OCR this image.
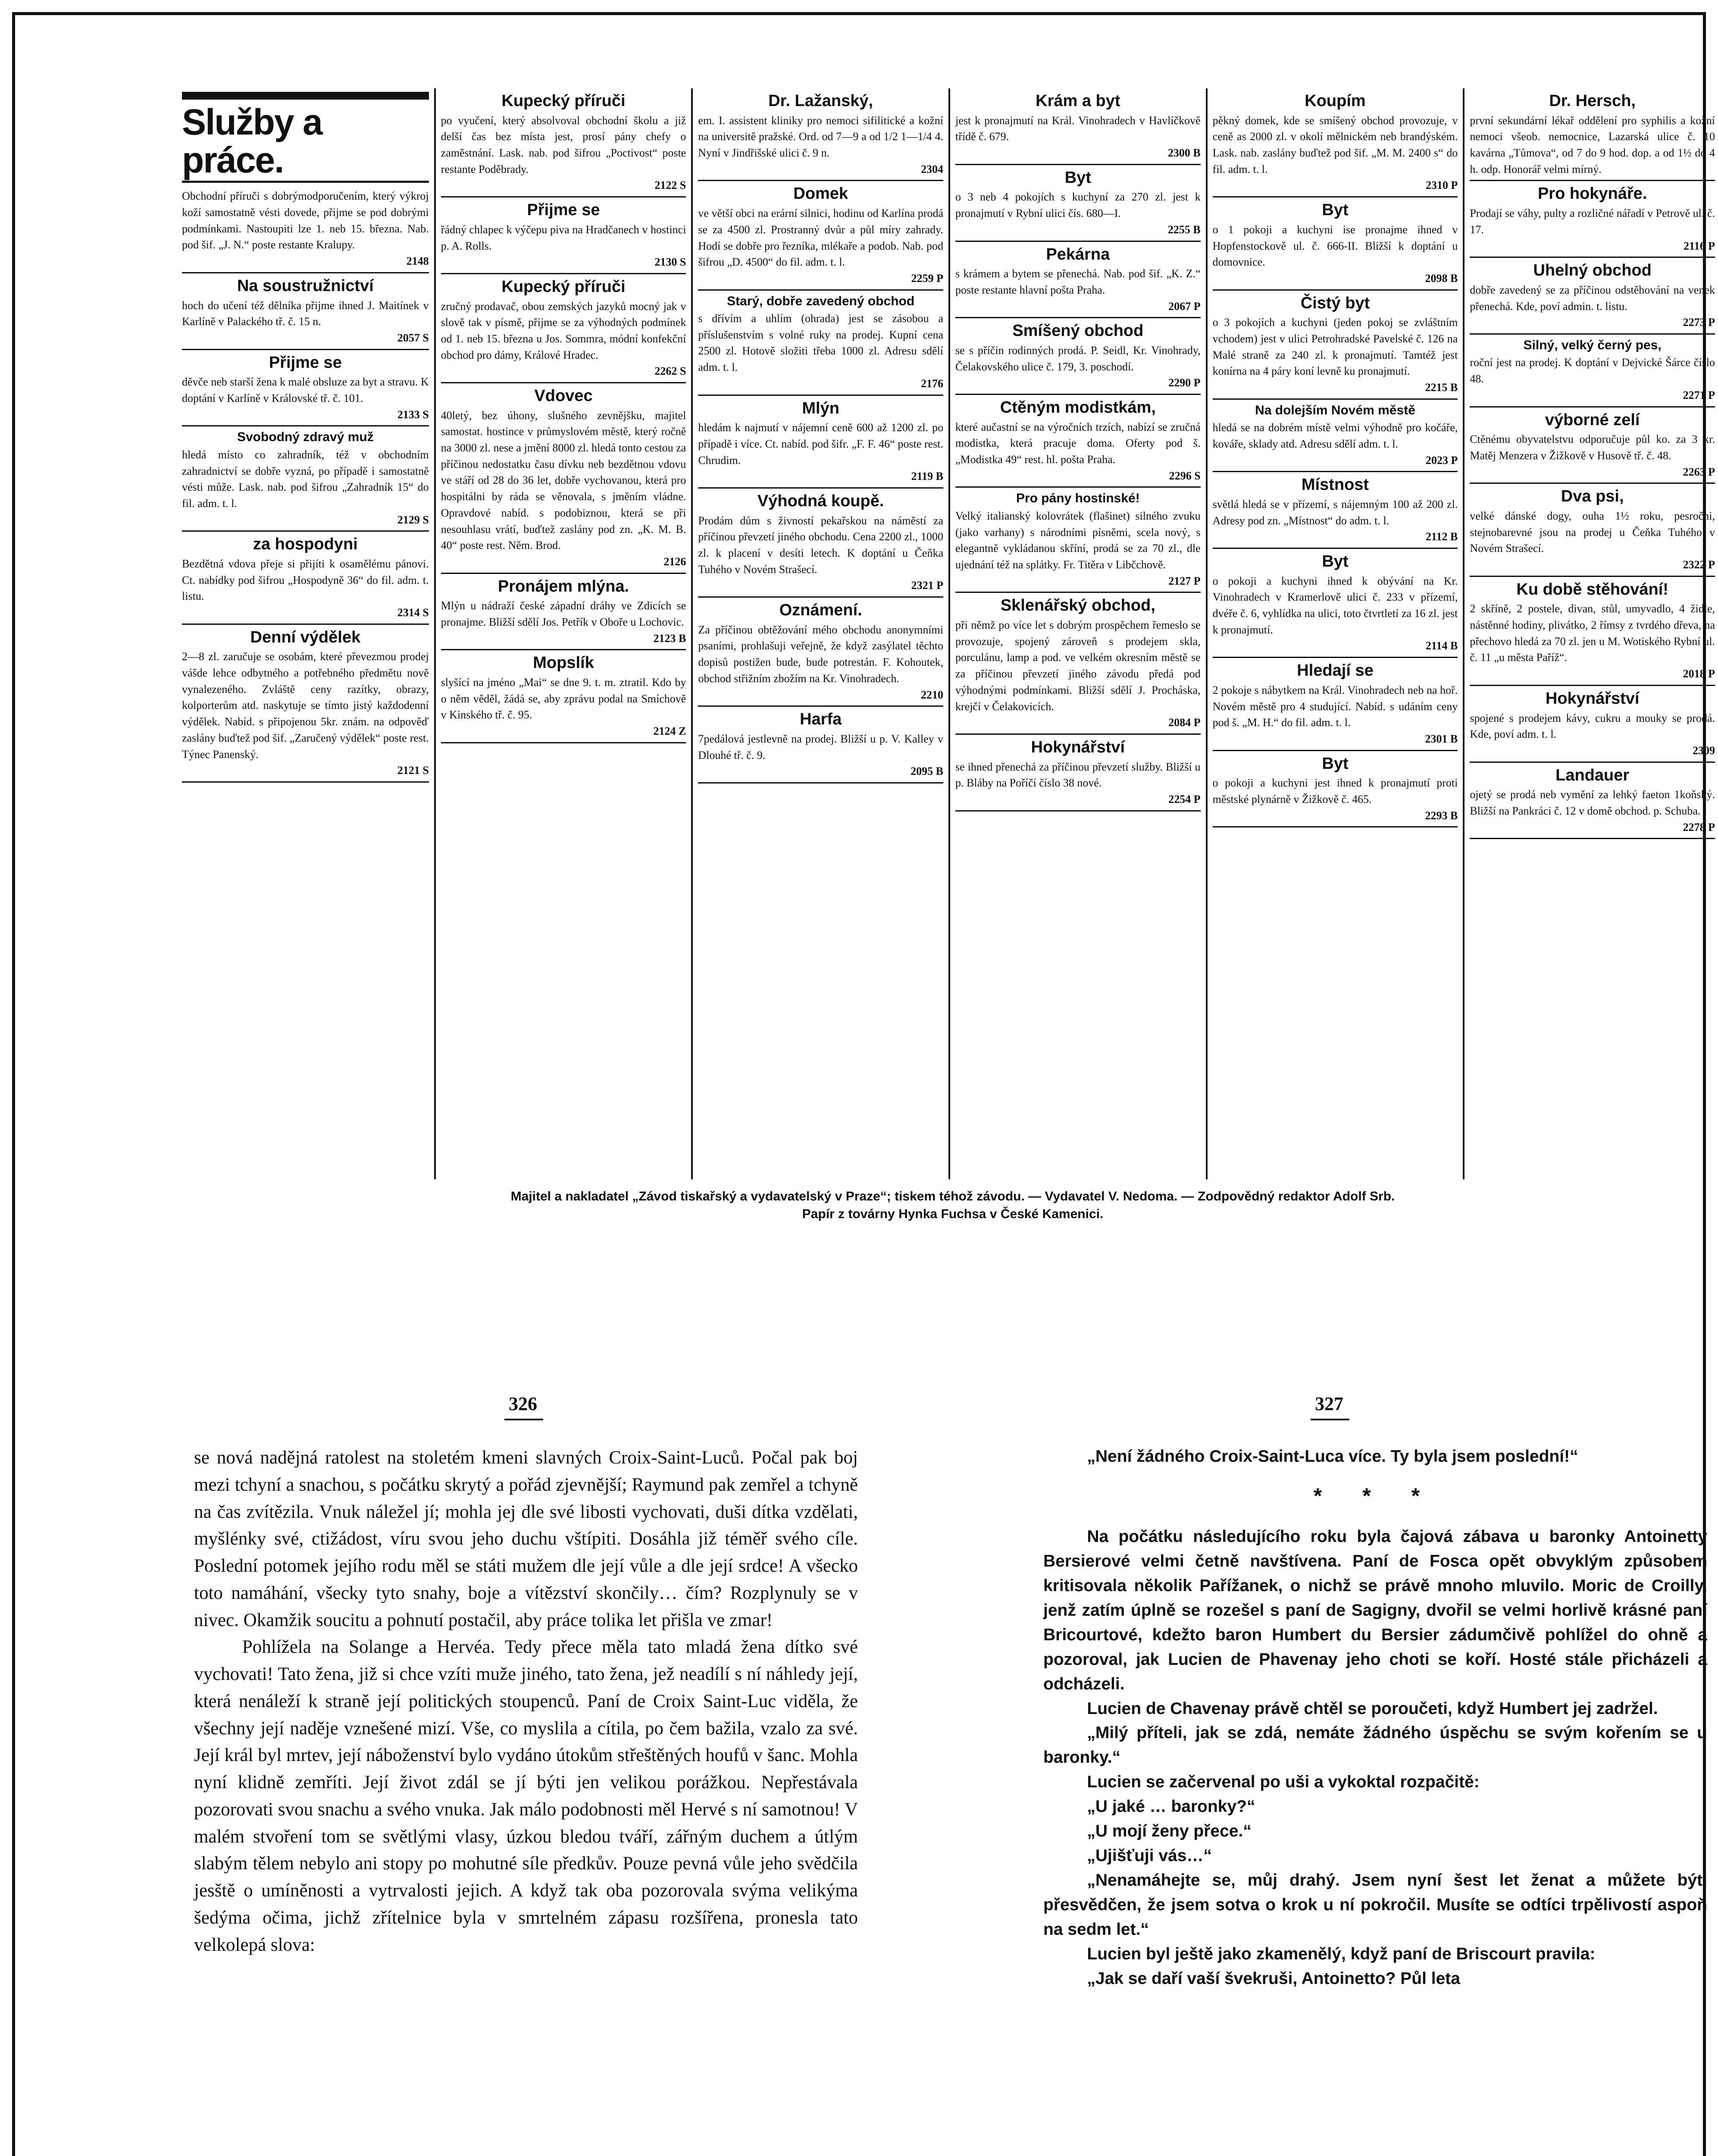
Služby a práce.
Obchodní příruči s dobrýmodporučením, který výkroj koží samostatně vésti dovede, přijme se pod dobrými podmínkami. Nastoupiti lze 1. neb 15. března. Nab. pod šif. „J. N.“ poste restante Kralupy.
2148
Na soustružnictví
hoch do učení též dělníka přijme ihned J. Maitínek v Karlíně v Palackého tř. č. 15 n.
2057 S
Přijme se
děvče neb starší žena k malé obsluze za byt a stravu. K doptání v Karlíně v Královské tř. č. 101.
2133 S
Svobodný zdravý muž
hledá místo co zahradník, též v obchodním zahradnictví se dobře vyzná, po případě i samostatně vésti může. Lask. nab. pod šifrou „Zahradník 15“ do fil. adm. t. l.
2129 S
za hospodyni
Bezdětná vdova přeje si přijíti k osamělému pánovi. Ct. nabídky pod šifrou „Hospodyně 36“ do fil. adm. t. listu.
2314 S
Denní výdělek
2—8 zl. zaručuje se osobám, které převezmou prodej vášde lehce odbytného a potřebného předmětu nově vynalezeného. Zvláště ceny razítky, obrazy, kolporterům atd. naskytuje se tímto jistý každodenní výdělek. Nabíd. s připojenou 5kr. znám. na odpověď zaslány buďtež pod šif. „Zaručený výdělek“ poste rest. Týnec Panenský.
2121 S
Kupecký příruči
po vyučení, který absolvoval obchodní školu a již delší čas bez místa jest, prosí pány chefy o zaměstnání. Lask. nab. pod šifrou „Poctivost“ poste restante Poděbrady.
2122 S
Přijme se
řádný chlapec k výčepu piva na Hradčanech v hostinci p. A. Rolls.
2130 S
Kupecký příruči
zručný prodavač, obou zemských jazyků mocný jak v slově tak v písmě, přijme se za výhodných podmínek od 1. neb 15. března u Jos. Sommra, módní konfekční obchod pro dámy, Králové Hradec.
2262 S
Vdovec
40letý, bez úhony, slušného zevnějšku, majitel samostat. hostince v průmyslovém městě, který ročně na 3000 zl. nese a jmění 8000 zl. hledá tonto cestou za příčinou nedostatku času dívku neb bezdětnou vdovu ve stáří od 28 do 36 let, dobře vychovanou, která pro hospitálni by ráda se věnovala, s jměním vládne. Opravdové nabíd. s podobiznou, která se při nesouhlasu vrátí, buďtež zaslány pod zn. „K. M. B. 40“ poste rest. Něm. Brod.
2126
Pronájem mlýna.
Mlýn u nádraží české západní dráhy ve Zdicích se pronajme. Bližší sdělí Jos. Petřík v Oboře u Lochovic.
2123 B
Mopslík
slyšící na jméno „Mai“ se dne 9. t. m. ztratil. Kdo by o něm věděl, žádá se, aby zprávu podal na Smíchově v Kinského tř. č. 95.
2124 Z
Dr. Lažanský,
em. I. assistent kliniky pro nemoci sifilitické a kožní na universitě pražské. Ord. od 7—9 a od 1/2 1—1/4 4. Nyní v Jindřišské ulici č. 9 n.
2304
Domek
ve větší obci na erární silnici, hodinu od Karlína prodá se za 4500 zl. Prostranný dvůr a půl míry zahrady. Hodí se dobře pro řezníka, mlékaře a podob. Nab. pod šifrou „D. 4500“ do fil. adm. t. l.
2259 P
Starý, dobře zavedený obchod
s dřívím a uhlím (ohrada) jest se zásobou a příslušenstvím s volné ruky na prodej. Kupní cena 2500 zl. Hotově složiti třeba 1000 zl. Adresu sdělí adm. t. l.
2176
Mlýn
hledám k najmutí v nájemní ceně 600 až 1200 zl. po případě i více. Ct. nabíd. pod šifr. „F. F. 46“ poste rest. Chrudim.
2119 B
Výhodná koupě.
Prodám dům s živností pekařskou na náměstí za příčinou převzetí jiného obchodu. Cena 2200 zl., 1000 zl. k placení v desíti letech. K doptání u Čeňka Tuhého v Novém Strašecí.
2321 P
Oznámení.
Za příčinou obtěžování mého obchodu anonymními psaními, prohlašuji veřejně, že když zasýlatel těchto dopisů postižen bude, bude potrestán. F. Kohoutek, obchod střižním zbožím na Kr. Vinohradech.
2210
Harfa
7pedálová jestlevně na prodej. Bližší u p. V. Kalley v Dlouhé tř. č. 9.
2095 B
Krám a byt
jest k pronajmutí na Král. Vinohradech v Havlíčkově třídě č. 679.
2300 B
Byt
o 3 neb 4 pokojích s kuchyní za 270 zl. jest k pronajmutí v Rybní ulici čís. 680—I.
2255 B
Pekárna
s krámem a bytem se přenechá. Nab. pod šif. „K. Z.“ poste restante hlavní pošta Praha.
2067 P
Smíšený obchod
se s příčin rodinných prodá. P. Seidl, Kr. Vinohrady, Čelakovského ulice č. 179, 3. poschodí.
2290 P
Ctěným modistkám,
které aučastní se na výročních trzích, nabízí se zručná modistka, která pracuje doma. Oferty pod š. „Modistka 49“ rest. hl. pošta Praha.
2296 S
Pro pány hostinské!
Velký italianský kolovrátek (flašinet) silného zvuku (jako varhany) s národními písněmi, scela nový, s elegantně vykládanou skříní, prodá se za 70 zl., dle ujednání též na splátky. Fr. Titěra v Libčchově.
2127 P
Sklenářský obchod,
při němž po více let s dobrým prospěchem řemeslo se provozuje, spojený zároveň s prodejem skla, porculánu, lamp a pod. ve velkém okresním městě se za příčinou převzetí jiného závodu předá pod výhodnými podmínkami. Bližší sdělí J. Procháska, krejčí v Čelakovicích.
2084 P
Hokynářství
se ihned přenechá za příčinou převzetí služby. Bližší u p. Bláby na Poříčí číslo 38 nové.
2254 P
Koupím
pěkný domek, kde se smíšený obchod provozuje, v ceně as 2000 zl. v okolí mělnickém neb brandýském. Lask. nab. zaslány buďtež pod šif. „M. M. 2400 s“ do fil. adm. t. l.
2310 P
Byt
o 1 pokoji a kuchyni ise pronajme ihned v Hopfenstockově ul. č. 666-II. Bližší k doptání u domovnice.
2098 B
Čistý byt
o 3 pokojích a kuchyni (jeden pokoj se zvláštním vchodem) jest v ulici Petrohradské Pavelské č. 126 na Malé straně za 240 zl. k pronajmutí. Tamtéž jest konírna na 4 páry koní levně ku pronajmutí.
2215 B
Na dolejším Novém městě
hledá se na dobrém místě velmi výhodně pro kočáře, kováře, sklady atd. Adresu sdělí adm. t. l.
2023 P
Místnost
světlá hledá se v přízemí, s nájemným 100 až 200 zl. Adresy pod zn. „Místnost“ do adm. t. l.
2112 B
Byt
o pokoji a kuchyni ihned k obývání na Kr. Vinohradech v Kramerlově ulici č. 233 v přízemí, dvéře č. 6, vyhlídka na ulici, toto čtvrtletí za 16 zl. jest k pronajmutí.
2114 B
Hledají se
2 pokoje s nábytkem na Král. Vinohradech neb na hoř. Novém městě pro 4 studující. Nabíd. s udáním ceny pod š. „M. H.“ do fil. adm. t. l.
2301 B
Byt
o pokoji a kuchyni jest ihned k pronajmutí proti městské plynárně v Žižkově č. 465.
2293 B
Dr. Hersch,
první sekundární lékař oddělení pro syphilis a kožní nemoci všeob. nemocnice, Lazarská ulice č. 10 kavárna „Tůmova“, od 7 do 9 hod. dop. a od 1½ do 4 h. odp. Honorář velmi mírný.
Pro hokynáře.
Prodají se váhy, pulty a rozličné nářadí v Petrově ul. č. 17.
2116 P
Uhelný obchod
dobře zavedený se za příčinou odstěhování na venek přenechá. Kde, poví admin. t. listu.
2273 P
Silný, velký černý pes,
roční jest na prodej. K doptání v Dejvické Šárce číslo 48.
2271 P
výborné zelí
Ctěnému obyvatelstvu odporučuje půl ko. za 3 kr. Matěj Menzera v Žižkově v Husově tř. č. 48.
2263 P
Dva psi,
velké dánské dogy, ouha 1½ roku, pesročni, stejnobarevné jsou na prodej u Čeňka Tuhého v Novém Strašecí.
2322 P
Ku době stěhování!
2 skříně, 2 postele, divan, stůl, umyvadlo, 4 židle, nástěnné hodiny, plivátko, 2 římsy z tvrdého dřeva, na přechovo hledá za 70 zl. jen u M. Wotiského Rybní ul. č. 11 „u města Paříž“.
2018 P
Hokynářství
spojené s prodejem kávy, cukru a mouky se prodá. Kde, poví adm. t. l.
2309
Landauer
ojetý se prodá neb vymění za lehký faeton 1koňský. Bližší na Pankráci č. 12 v domě obchod. p. Schuba.
2278 P
Majitel a nakladatel „Závod tiskařský a vydavatelský v Praze“; tiskem téhož závodu. — Vydavatel V. Nedoma. — Zodpovědný redaktor Adolf Srb.
Papír z továrny Hynka Fuchsa v České Kamenici.
326	327

se nová nadějná ratolest na stoletém kmeni slavných Croix-Saint-Luců. Počal pak boj mezi tchyní a snachou, s počátku skrytý a pořád zjevnější; Raymund pak zemřel a tchyně na čas zvítězila. Vnuk náležel jí; mohla jej dle své libosti vychovati, duši dítka vzdělati, myšlénky své, ctižádost, víru svou jeho duchu vštípiti. Dosáhla již téměř svého cíle. Poslední potomek jejího rodu měl se státi mužem dle její vůle a dle její srdce! A všecko toto namáhání, všecky tyto snahy, boje a vítězství skončily… čím? Rozplynuly se v nivec. Okamžik soucitu a pohnutí postačil, aby práce tolika let přišla ve zmar!

Pohlížela na Solange a Hervéa. Tedy přece měla tato mladá žena dítko své vychovati! Tato žena, již si chce vzíti muže jiného, tato žena, jež neadílí s ní náhledy její, která nenáleží k straně její politických stoupenců. Paní de Croix Saint-Luc viděla, že všechny její naděje vznešené mizí. Vše, co myslila a cítila, po čem bažila, vzalo za své. Její král byl mrtev, její náboženství bylo vydáno útokům střeštěných houfů v šanc. Mohla nyní klidně zemříti. Její život zdál se jí býti jen velikou porážkou. Nepřestávala pozorovati svou snachu a svého vnuka. Jak málo podobnosti měl Hervé s ní samotnou! V malém stvoření tom se světlými vlasy, úzkou bledou tváří, zářným duchem a útlým slabým tělem nebylo ani stopy po mohutné síle předkův. Pouze pevná vůle jeho svědčila jesště o umíněnosti a vytrvalosti jejich. A když tak oba pozorovala svýma velikýma šedýma očima, jichž zřítelnice byla v smrtelném zápasu rozšířena, pronesla tato velkolepá slova:

„Není žádného Croix-Saint-Luca více. Ty byla jsem poslední!“

* * *

Na počátku následujícího roku byla čajová zábava u baronky Antoinetty Bersierové velmi četně navštívena. Paní de Fosca opět obvyklým způsobem kritisovala několik Pařížanek, o nichž se právě mnoho mluvilo. Moric de Croilly, jenž zatím úplně se rozešel s paní de Sagigny, dvořil se velmi horlivě krásné paní Bricourtové, kdežto baron Humbert du Bersier zádumčivě pohlížel do ohně a pozoroval, jak Lucien de Phavenay jeho choti se koří. Hosté stále přicházeli a odcházeli.

Lucien de Chavenay právě chtěl se poroučeti, když Humbert jej zadržel.

„Milý příteli, jak se zdá, nemáte žádného úspěchu se svým kořením se u baronky.“

Lucien se začervenal po uši a vykoktal rozpačitě:

„U jaké … baronky?“

„U mojí ženy přece.“

„Ujišťuji vás…“

„Nenamáhejte se, můj drahý. Jsem nyní šest let ženat a můžete býti přesvědčen, že jsem sotva o krok u ní pokročil. Musíte se odtíci trpělivostí aspoň na sedm let.“

Lucien byl ještě jako zkamenělý, když paní de Briscourt pravila:

„Jak se daří vaší švekruši, Antoinetto? Půl leta
